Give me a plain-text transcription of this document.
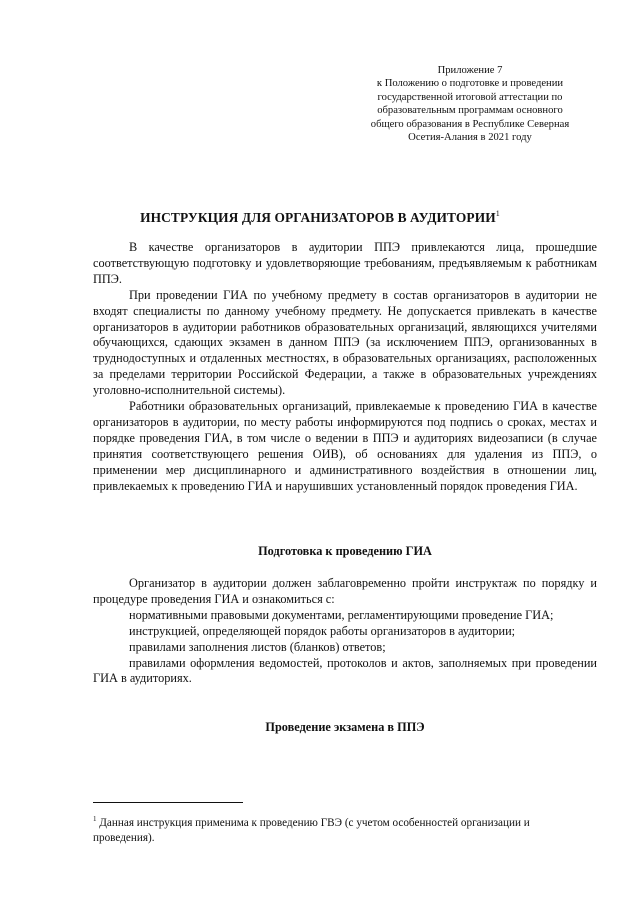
Приложение 7
к Положению о подготовке и проведении
государственной итоговой аттестации по
образовательным программам основного
общего образования в Республике Северная
Осетия-Алания в 2021 году
ИНСТРУКЦИЯ ДЛЯ ОРГАНИЗАТОРОВ В АУДИТОРИИ$^1$

В качестве организаторов в аудитории ППЭ привлекаются лица, прошедшие соответствующую подготовку и удовлетворяющие требованиям, предъявляемым к работникам ППЭ.

При проведении ГИА по учебному предмету в состав организаторов в аудитории не входят специалисты по данному учебному предмету. Не допускается привлекать в качестве организаторов в аудитории работников образовательных организаций, являющихся учителями обучающихся, сдающих экзамен в данном ППЭ (за исключением ППЭ, организованных в труднодоступных и отдаленных местностях, в образовательных организациях, расположенных за пределами территории Российской Федерации, а также в образовательных учреждениях уголовно-исполнительной системы).

Работники образовательных организаций, привлекаемые к проведению ГИА в качестве организаторов в аудитории, по месту работы информируются под подпись о сроках, местах и порядке проведения ГИА, в том числе о ведении в ППЭ и аудиториях видеозаписи (в случае принятия соответствующего решения ОИВ), об основаниях для удаления из ППЭ, о применении мер дисциплинарного и административного воздействия в отношении лиц, привлекаемых к проведению ГИА и нарушивших установленный порядок проведения ГИА.

Подготовка к проведению ГИА

Организатор в аудитории должен заблаговременно пройти инструктаж по порядку и процедуре проведения ГИА и ознакомиться с:

нормативными правовыми документами, регламентирующими проведение ГИА;

инструкцией, определяющей порядок работы организаторов в аудитории;

правилами заполнения листов (бланков) ответов;

правилами оформления ведомостей, протоколов и актов, заполняемых при проведении ГИА в аудиториях.

Проведение экзамена в ППЭ

$^1$ Данная инструкция применима к проведению ГВЭ (с учетом особенностей организации и проведения).
